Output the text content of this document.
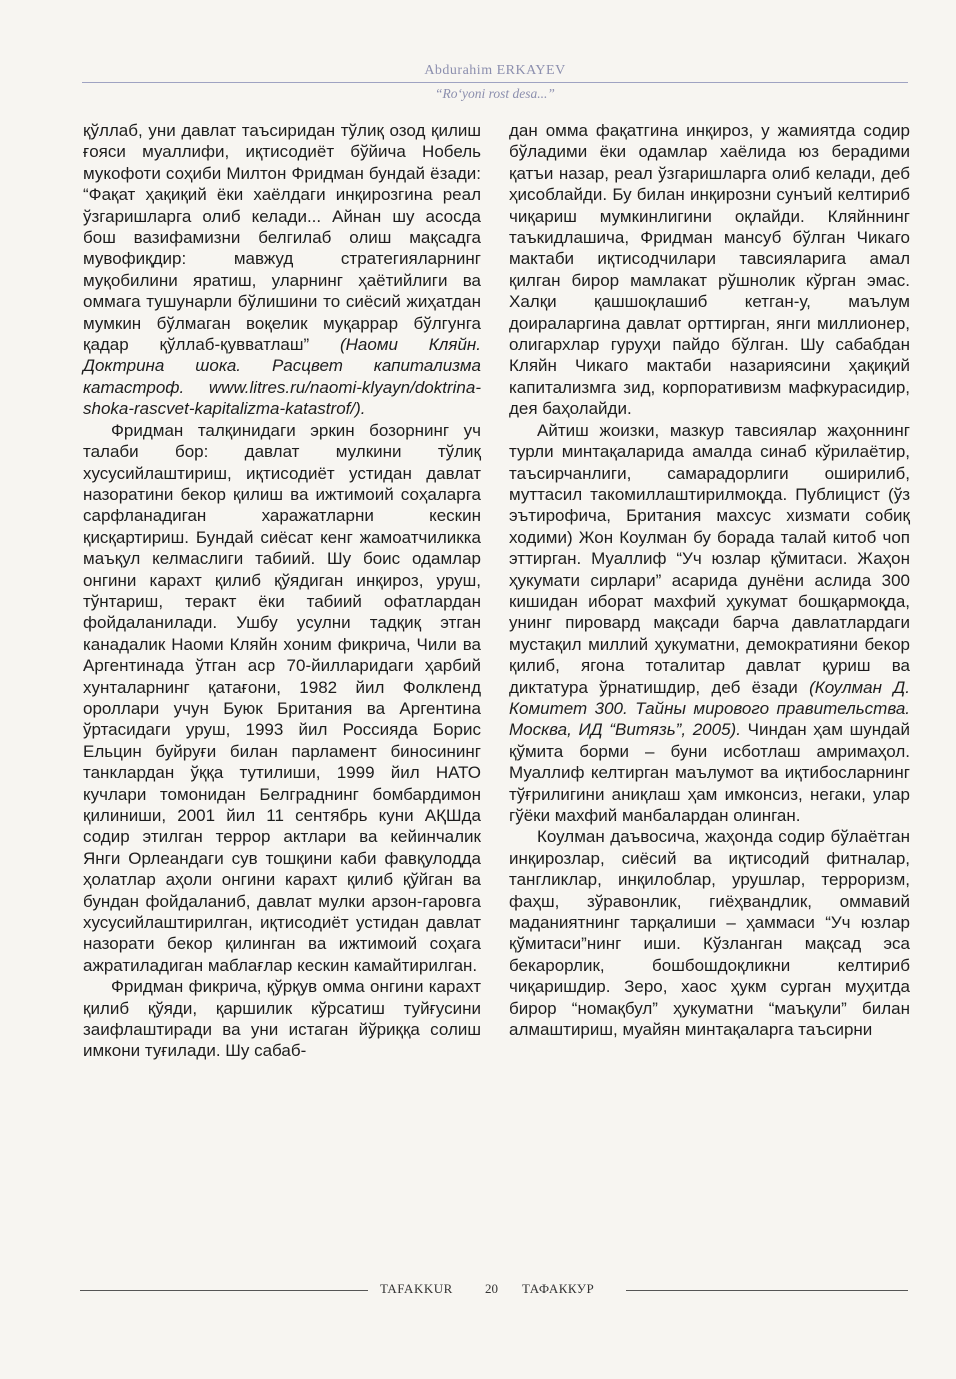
Abdurahim ERKAYEV
“Ro‘yoni rost desa...”

қўллаб, уни давлат таъсиридан тўлиқ озод қилиш ғояси муаллифи, иқтисодиёт бўйича Нобель мукофоти соҳиби Милтон Фридман бундай ёзади: “Фақат ҳақиқий ёки хаёлдаги инқирозгина реал ўзгаришларга олиб келади... Айнан шу асосда бош вазифамизни белгилаб олиш мақсадга мувофиқдир: мавжуд стратегияларнинг муқобилини яратиш, уларнинг ҳаётийлиги ва оммага тушунарли бўлишини то сиёсий жиҳатдан мумкин бўлмаган воқелик муқаррар бўлгунга қадар қўллаб-қувватлаш” (Наоми Кляйн. Доктрина шока. Расцвет капитализма катастроф. www.litres.ru/naomi-klyayn/doktrina-shoka-rascvet-kapitalizma-katastrof/).

Фридман талқинидаги эркин бозорнинг уч талаби бор: давлат мулкини тўлиқ хусусийлаштириш, иқтисодиёт устидан давлат назоратини бекор қилиш ва ижтимоий соҳаларга сарфланадиган харажатларни кескин қисқартириш. Бундай сиёсат кенг жамоатчиликка маъқул келмаслиги табиий. Шу боис одамлар онгини карахт қилиб қўядиган инқироз, уруш, тўнтариш, теракт ёки табиий офатлардан фойдаланилади. Ушбу усулни тадқиқ этган канадалик Наоми Кляйн хоним фикрича, Чили ва Аргентинада ўтган аср 70-йилларидаги ҳарбий хунталарнинг қатағони, 1982 йил Фолкленд ороллари учун Буюк Британия ва Аргентина ўртасидаги уруш, 1993 йил Россияда Борис Ельцин буйруғи билан парламент биносининг танклардан ўққа тутилиши, 1999 йил НАТО кучлари томонидан Белграднинг бомбардимон қилиниши, 2001 йил 11 сентябрь куни АҚШда содир этилган террор актлари ва кейинчалик Янги Орлеандаги сув тошқини каби фавқулодда ҳолатлар аҳоли онгини карахт қилиб қўйган ва бундан фойдаланиб, давлат мулки арзон-гаровга хусусийлаштирилган, иқтисодиёт устидан давлат назорати бекор қилинган ва ижтимоий соҳага ажратиладиган маблағлар кескин камайтирилган.

Фридман фикрича, қўрқув омма онгини карахт қилиб қўяди, қаршилик кўрсатиш туйғусини заифлаштиради ва уни истаган йўриққа солиш имкони туғилади. Шу сабаб-

дан омма фақатгина инқироз, у жамиятда содир бўладими ёки одамлар хаёлида юз берадими қатъи назар, реал ўзгаришларга олиб келади, деб ҳисоблайди. Бу билан инқирозни сунъий келтириб чиқариш мумкинлигини оқлайди. Кляйннинг таъкидлашича, Фридман мансуб бўлган Чикаго мактаби иқтисодчилари тавсияларига амал қилган бирор мамлакат рўшнолик кўрган эмас. Халқи қашшоқлашиб кетган-у, маълум доираларгина давлат орттирган, янги миллионер, олигархлар гуруҳи пайдо бўлган. Шу сабабдан Кляйн Чикаго мактаби назариясини ҳақиқий капитализмга зид, корпоративизм мафкурасидир, дея баҳолайди.

Айтиш жоизки, мазкур тавсиялар жаҳоннинг турли минтақаларида амалда синаб кўрилаётир, таъсирчанлиги, самарадорлиги оширилиб, муттасил такомиллаштирилмоқда. Публицист (ўз эътирофича, Британия махсус хизмати собиқ ходими) Жон Коулман бу борада талай китоб чоп эттирган. Муаллиф “Уч юзлар қўмитаси. Жаҳон ҳукумати сирлари” асарида дунёни аслида 300 кишидан иборат махфий ҳукумат бошқармоқда, унинг пировард мақсади барча давлатлардаги мустақил миллий ҳукуматни, демократияни бекор қилиб, ягона тоталитар давлат қуриш ва диктатура ўрнатишдир, деб ёзади (Коулман Д. Комитет 300. Тайны мирового правительства. Москва, ИД “Витязь”, 2005). Чиндан ҳам шундай қўмита борми – буни исботлаш амримаҳол. Муаллиф келтирган маълумот ва иқтибосларнинг тўғрилигини аниқлаш ҳам имконсиз, негаки, улар гўёки махфий манбалардан олинган.

Коулман даъвосича, жаҳонда содир бўлаётган инқирозлар, сиёсий ва иқтисодий фитналар, тангликлар, инқилоблар, урушлар, терроризм, фаҳш, зўравонлик, гиёҳвандлик, оммавий маданиятнинг тарқалиши – ҳаммаси “Уч юзлар қўмитаси”нинг иши. Кўзланган мақсад эса бекарорлик, бошбошдоқликни келтириб чиқаришдир. Зеро, хаос ҳукм сурган муҳитда бирор “номақбул” ҳукуматни “маъқули” билан алмаштириш, муайян минтақаларга таъсирни

TAFAKKUR 20 ТАФАККУР
